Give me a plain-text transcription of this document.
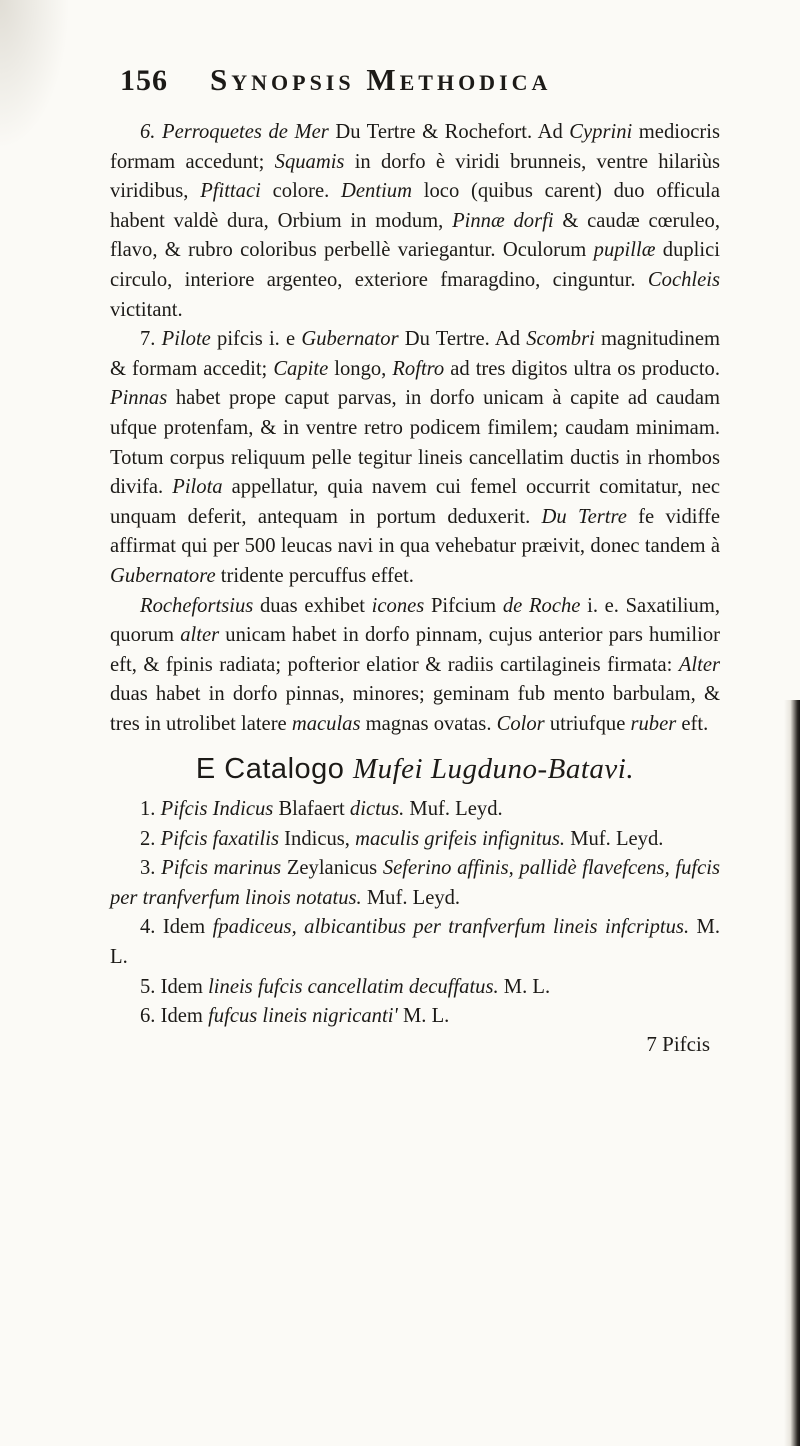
156 Synopsis Methodica

6. Perroquetes de Mer Du Tertre & Rochefort. Ad Cyprini mediocris formam accedunt; Squamis in dorfo è viridi brunneis, ventre hilariùs viridibus, Pfittaci colore. Dentium loco (quibus carent) duo officula habent valdè dura, Orbium in modum, Pinnæ dorfi & caudæ cœruleo, flavo, & rubro coloribus perbellè variegantur. Oculorum pupillæ duplici circulo, interiore argenteo, exteriore fmaragdino, cinguntur. Cochleis victitant.

7. Pilote pifcis i. e Gubernator Du Tertre. Ad Scombri magnitudinem & formam accedit; Capite longo, Roftro ad tres digitos ultra os producto. Pinnas habet prope caput parvas, in dorfo unicam à capite ad caudam ufque protenfam, & in ventre retro podicem fimilem; caudam minimam. Totum corpus reliquum pelle tegitur lineis cancellatim ductis in rhombos divifa. Pilota appellatur, quia navem cui femel occurrit comitatur, nec unquam deferit, antequam in portum deduxerit. Du Tertre fe vidiffe affirmat qui per 500 leucas navi in qua vehebatur præivit, donec tandem à Gubernatore tridente percuffus effet.

Rochefortsius duas exhibet icones Pifcium de Roche i. e. Saxatilium, quorum alter unicam habet in dorfo pinnam, cujus anterior pars humilior eft, & fpinis radiata; pofterior elatior & radiis cartilagineis firmata: Alter duas habet in dorfo pinnas, minores; geminam fub mento barbulam, & tres in utrolibet latere maculas magnas ovatas. Color utriufque ruber eft.

E Catalogo Mufei Lugduno-Batavi.

1. Pifcis Indicus Blafaert dictus. Muf. Leyd.

2. Pifcis faxatilis Indicus, maculis grifeis infignitus. Muf. Leyd.

3. Pifcis marinus Zeylanicus Seferino affinis, pallidè flavefcens, fufcis per tranfverfum linois notatus. Muf. Leyd.

4. Idem fpadiceus, albicantibus per tranfverfum lineis infcriptus. M. L.

5. Idem lineis fufcis cancellatim decuffatus. M. L.

6. Idem fufcus lineis nigricanti' M. L.

7 Pifcis
